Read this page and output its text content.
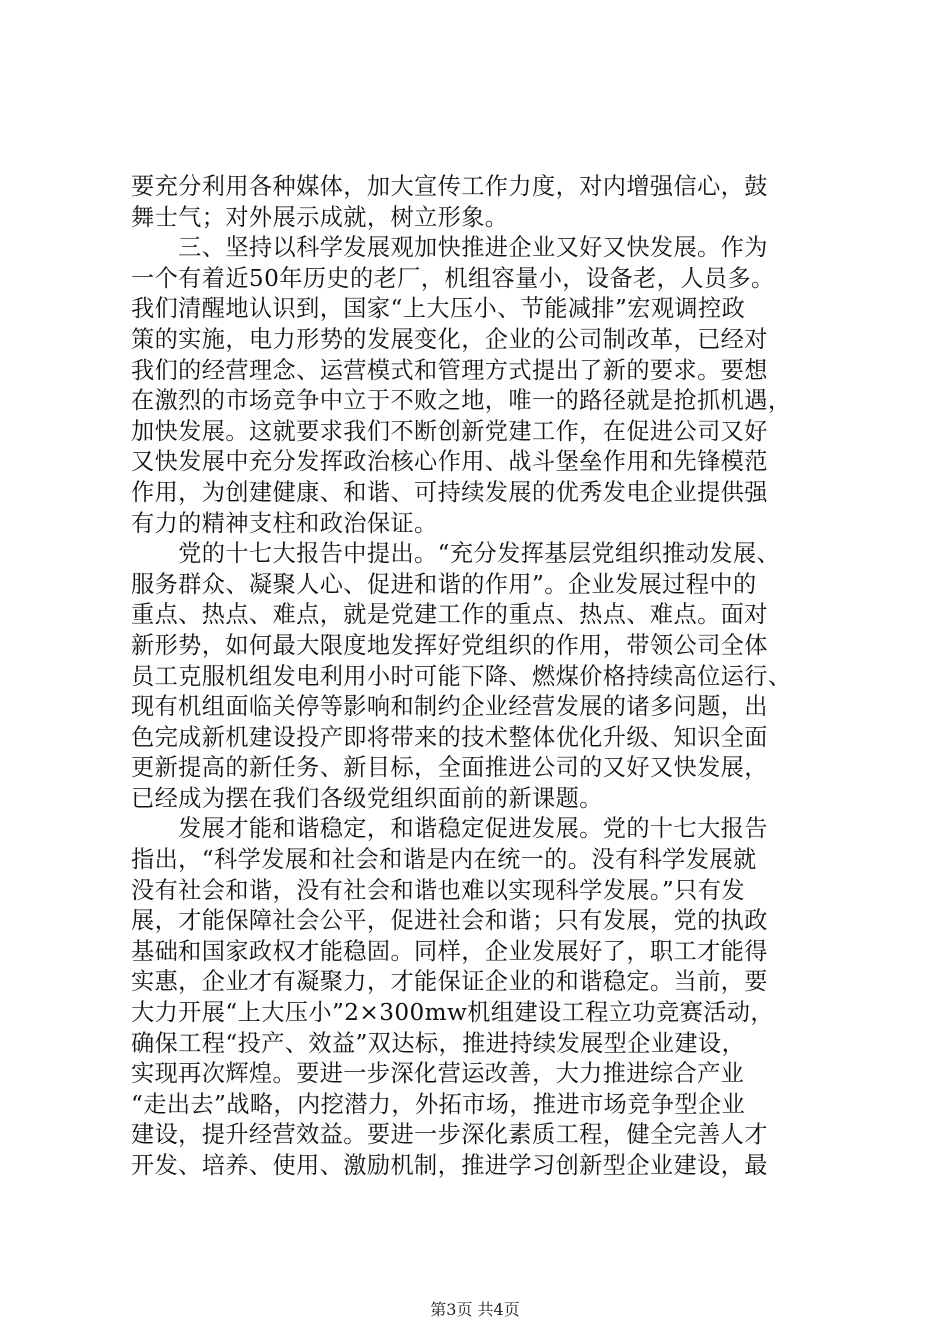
要充分利用各种媒体，加大宣传工作力度，对内增强信心，鼓
舞士气；对外展示成就，树立形象。
　　三、坚持以科学发展观加快推进企业又好又快发展。作为
一个有着近50年历史的老厂，机组容量小，设备老，人员多。
我们清醒地认识到，国家“上大压小、节能减排”宏观调控政
策的实施，电力形势的发展变化，企业的公司制改革，已经对
我们的经营理念、运营模式和管理方式提出了新的要求。要想
在激烈的市场竞争中立于不败之地，唯一的路径就是抢抓机遇，
加快发展。这就要求我们不断创新党建工作，在促进公司又好
又快发展中充分发挥政治核心作用、战斗堡垒作用和先锋模范
作用，为创建健康、和谐、可持续发展的优秀发电企业提供强
有力的精神支柱和政治保证。
　　党的十七大报告中提出。“充分发挥基层党组织推动发展、
服务群众、凝聚人心、促进和谐的作用”。企业发展过程中的
重点、热点、难点，就是党建工作的重点、热点、难点。面对
新形势，如何最大限度地发挥好党组织的作用，带领公司全体
员工克服机组发电利用小时可能下降、燃煤价格持续高位运行、
现有机组面临关停等影响和制约企业经营发展的诸多问题，出
色完成新机建设投产即将带来的技术整体优化升级、知识全面
更新提高的新任务、新目标，全面推进公司的又好又快发展，
已经成为摆在我们各级党组织面前的新课题。
　　发展才能和谐稳定，和谐稳定促进发展。党的十七大报告
指出，“科学发展和社会和谐是内在统一的。没有科学发展就
没有社会和谐，没有社会和谐也难以实现科学发展。”只有发
展，才能保障社会公平，促进社会和谐；只有发展，党的执政
基础和国家政权才能稳固。同样，企业发展好了，职工才能得
实惠，企业才有凝聚力，才能保证企业的和谐稳定。当前，要
大力开展“上大压小”2×300mw机组建设工程立功竞赛活动，
确保工程“投产、效益”双达标，推进持续发展型企业建设，
实现再次辉煌。要进一步深化营运改善，大力推进综合产业
“走出去”战略，内挖潜力，外拓市场，推进市场竞争型企业
建设，提升经营效益。要进一步深化素质工程，健全完善人才
开发、培养、使用、激励机制，推进学习创新型企业建设，最
第3页 共4页
